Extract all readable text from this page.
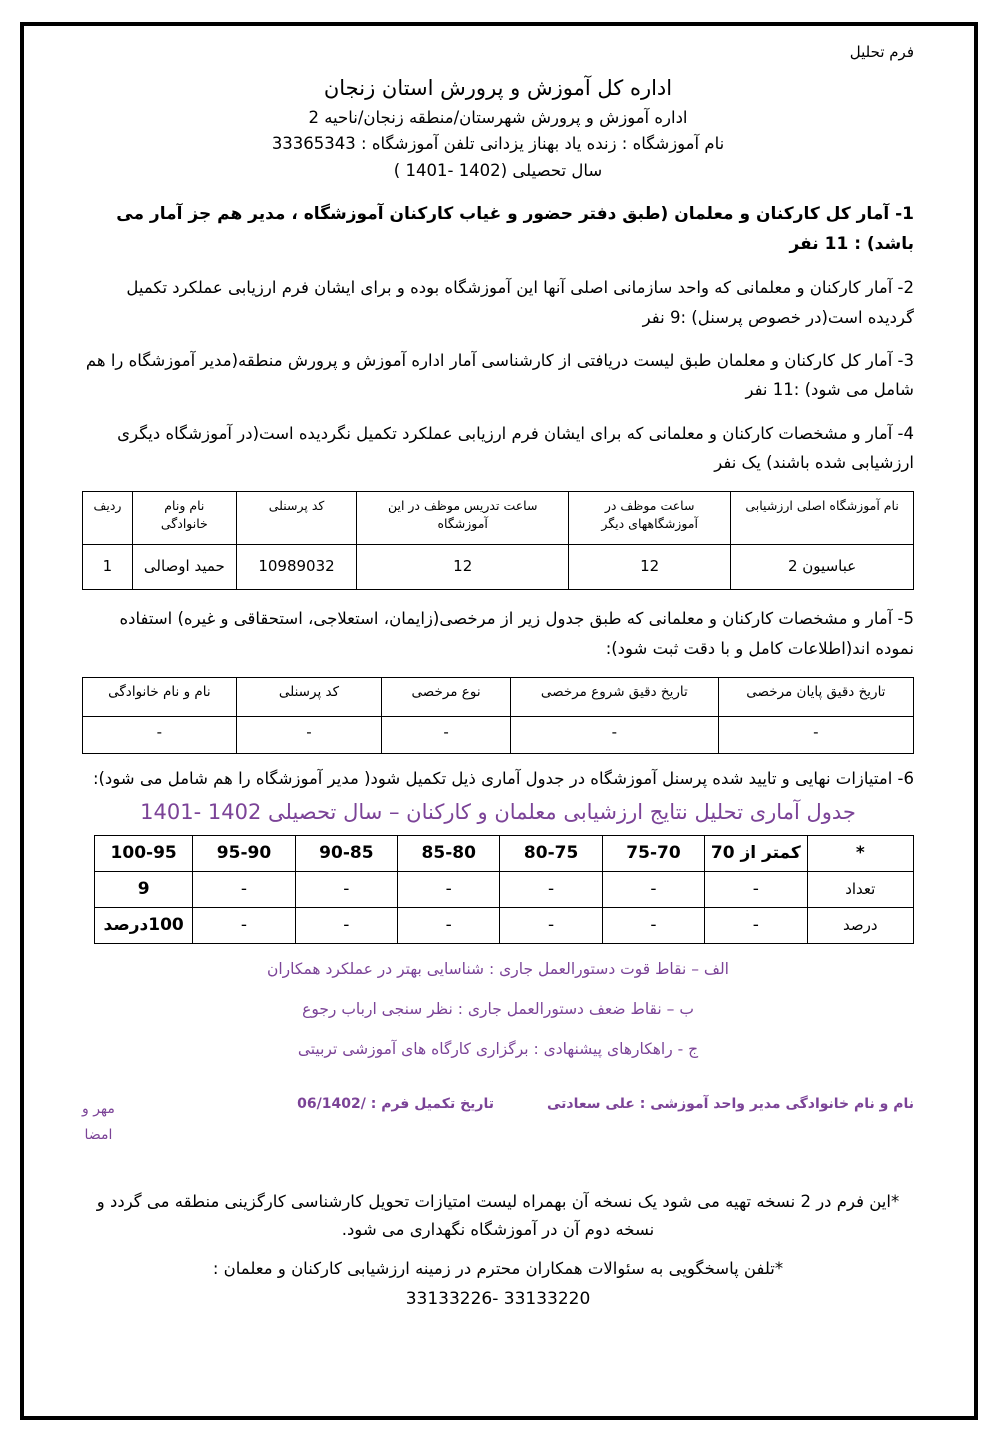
فرم تحلیل
اداره کل آموزش و پرورش استان زنجان
اداره آموزش و پرورش شهرستان/منطقه زنجان/ناحیه 2
نام آموزشگاه : زنده یاد بهناز یزدانی تلفن آموزشگاه : 33365343
سال تحصیلی (1402 -1401 )
1- آمار کل کارکنان و معلمان (طبق دفتر حضور و غیاب کارکنان آموزشگاه ، مدیر هم جز آمار می باشد) : 11 نفر
2- آمار کارکنان و معلمانی که واحد سازمانی اصلی آنها این آموزشگاه بوده و برای ایشان فرم ارزیابی عملکرد تکمیل گردیده است(در خصوص پرسنل) :9 نفر
3- آمار کل کارکنان و معلمان طبق لیست دریافتی از کارشناسی آمار اداره آموزش و پرورش منطقه(مدیر آموزشگاه را هم شامل می شود) :11 نفر
4- آمار و مشخصات کارکنان و معلمانی که برای ایشان فرم ارزیابی عملکرد تکمیل نگردیده است(در آموزشگاه دیگری ارزشیابی شده باشند) یک نفر
نام آموزشگاه اصلی ارزشیابی	ساعت موظف در آموزشگاههای دیگر	ساعت تدریس موظف در این آموزشگاه	کد پرسنلی	نام ونام خانوادگی	ردیف
عباسیون 2	12	12	10989032	حمید اوصالی	1
5- آمار و مشخصات کارکنان و معلمانی که طبق جدول زیر از مرخصی(زایمان، استعلاجی، استحقاقی و غیره) استفاده نموده اند(اطلاعات کامل و با دقت ثبت شود):
تاریخ دقیق پایان مرخصی	تاریخ دقیق شروع مرخصی	نوع مرخصی	کد پرسنلی	نام و نام خانوادگی
-	-	-	-	-
6- امتیازات نهایی و تایید شده پرسنل آموزشگاه در جدول آماری ذیل تکمیل شود( مدیر آموزشگاه را هم شامل می شود):
جدول آماری تحلیل نتایج ارزشیابی معلمان و کارکنان – سال تحصیلی 1402 -1401
*	کمتر از 70	75-70	80-75	85-80	90-85	95-90	100-95
تعداد	-	-	-	-	-	-	9
درصد	-	-	-	-	-	-	100درصد
الف – نقاط قوت دستورالعمل جاری : شناسایی بهتر در عملکرد همکاران
ب – نقاط ضعف دستورالعمل جاری : نظر سنجی ارباب رجوع
ج - راهکارهای پیشنهادی : برگزاری کارگاه های آموزشی تربیتی
نام و نام خانوادگی مدیر واحد آموزشی : علی سعادتی
تاریخ تکمیل فرم : /06/1402
مهر و
امضا
*این فرم در 2 نسخه تهیه می شود یک نسخه آن بهمراه لیست امتیازات تحویل کارشناسی کارگزینی منطقه می گردد و نسخه دوم آن در آموزشگاه نگهداری می شود.
*تلفن پاسخگویی به سئوالات همکاران محترم در زمینه ارزشیابی کارکنان و معلمان :
33133220 -33133226
